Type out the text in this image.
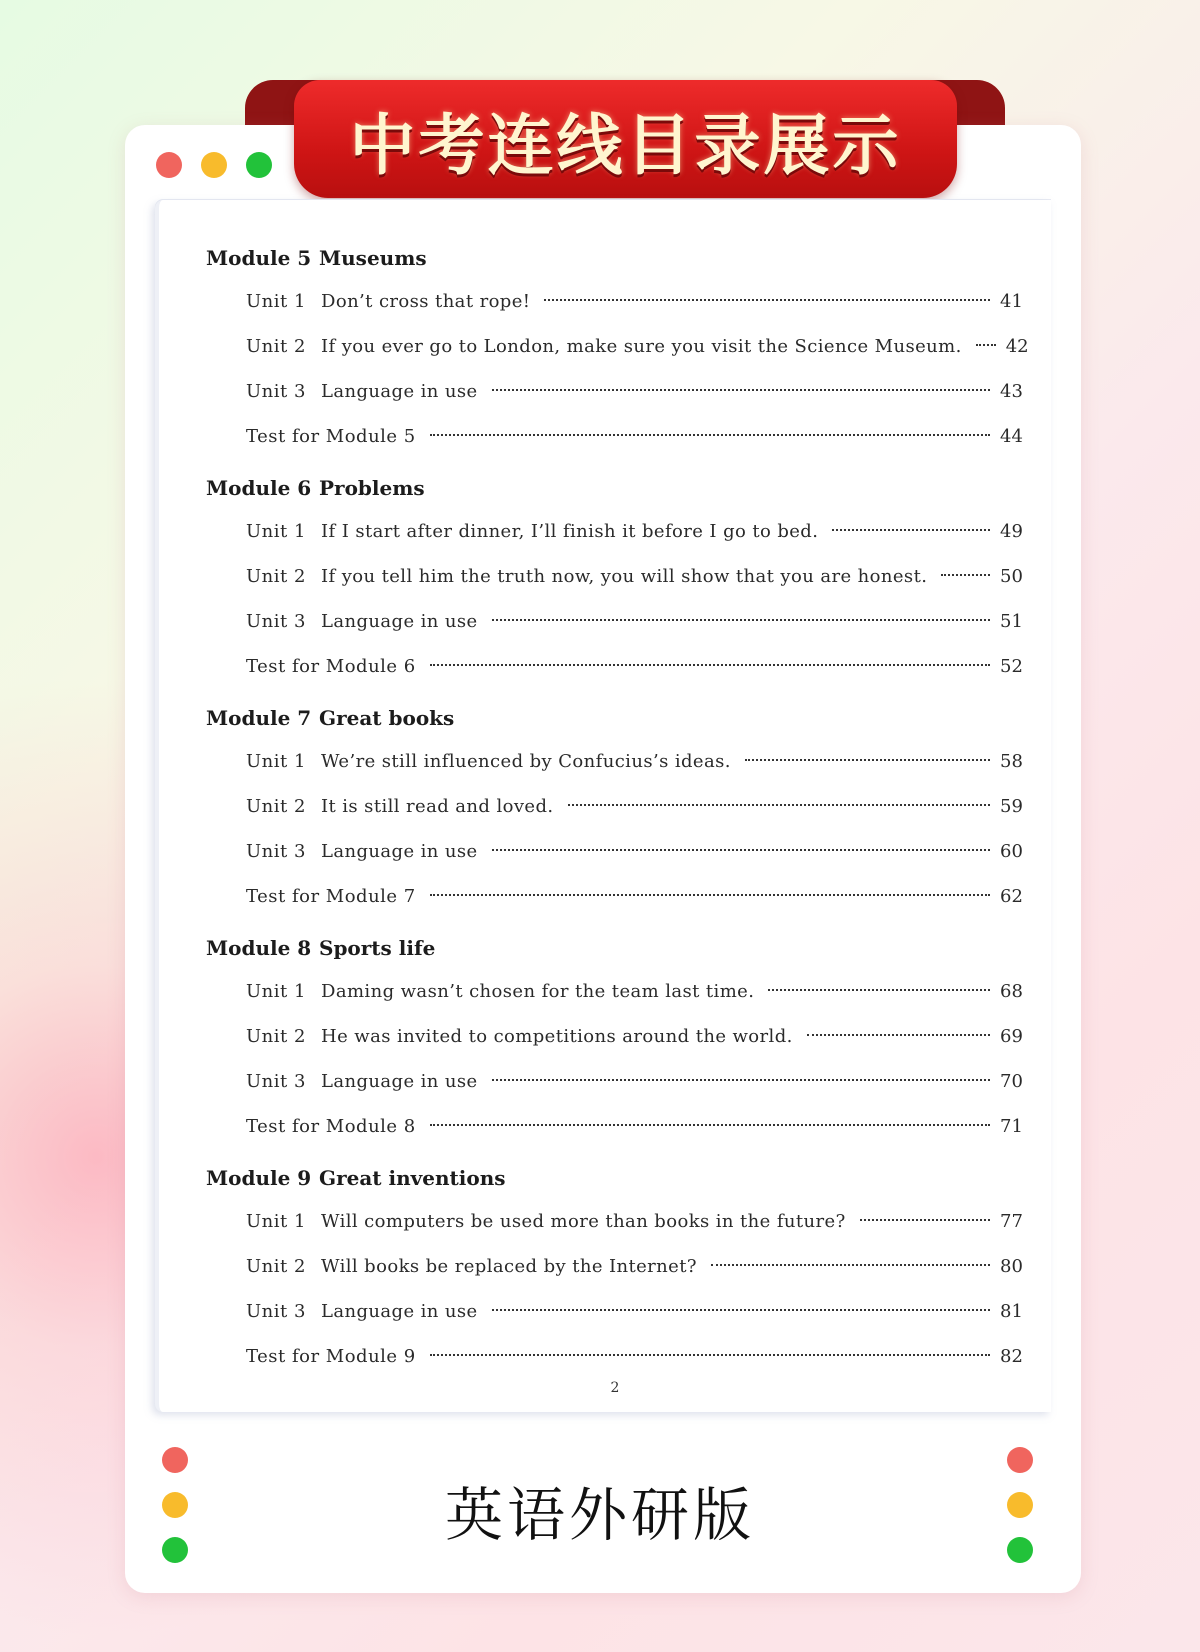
中考连线目录展示
Module 5 Museums
Unit 1 Don’t cross that rope!	41
Unit 2 If you ever go to London, make sure you visit the Science Museum. 42
Unit 3 Language in use	43
Test for Module 5	44
Module 6 Problems
Unit 1 If I start after dinner, I’ll finish it before I go to bed.	49
Unit 2 If you tell him the truth now, you will show that you are honest.	50
Unit 3 Language in use	51
Test for Module 6	52
Module 7 Great books
Unit 1 We’re still influenced by Confucius’s ideas.	58
Unit 2 It is still read and loved.	59
Unit 3 Language in use	60
Test for Module 7	62
Module 8 Sports life
Unit 1 Daming wasn’t chosen for the team last time.	68
Unit 2 He was invited to competitions around the world.	69
Unit 3 Language in use	70
Test for Module 8	71
Module 9 Great inventions
Unit 1 Will computers be used more than books in the future?	77
Unit 2 Will books be replaced by the Internet?	80
Unit 3 Language in use	81
Test for Module 9	82
2
英语外研版
